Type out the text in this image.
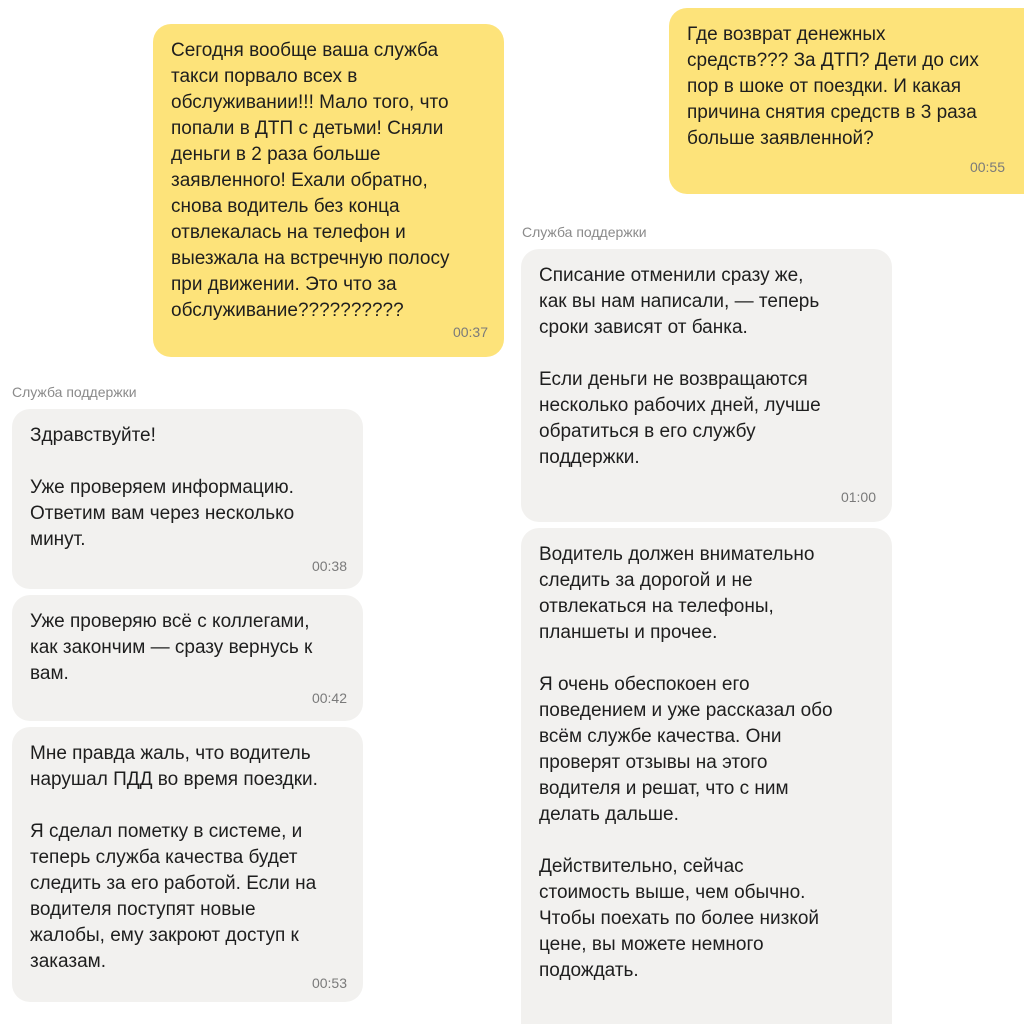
Сегодня вообще ваша служба
такси порвало всех в
обслуживании!!! Мало того, что
попали в ДТП с детьми! Сняли
деньги в 2 раза больше
заявленного! Ехали обратно,
снова водитель без конца
отвлекалась на телефон и
выезжала на встречную полосу
при движении. Это что за
обслуживание??????????
00:37
Служба поддержки
Здравствуйте!

Уже проверяем информацию.
Ответим вам через несколько
минут.
00:38
Уже проверяю всё с коллегами,
как закончим — сразу вернусь к
вам.
00:42
Мне правда жаль, что водитель
нарушал ПДД во время поездки.

Я сделал пометку в системе, и
теперь служба качества будет
следить за его работой. Если на
водителя поступят новые
жалобы, ему закроют доступ к
заказам.
00:53
Где возврат денежных
средств??? За ДТП? Дети до сих
пор в шоке от поездки. И какая
причина снятия средств в 3 раза
больше заявленной?
00:55
Служба поддержки
Списание отменили сразу же,
как вы нам написали, — теперь
сроки зависят от банка.

Если деньги не возвращаются
несколько рабочих дней, лучше
обратиться в его службу
поддержки.
01:00
Водитель должен внимательно
следить за дорогой и не
отвлекаться на телефоны,
планшеты и прочее.

Я очень обеспокоен его
поведением и уже рассказал обо
всём службе качества. Они
проверят отзывы на этого
водителя и решат, что с ним
делать дальше.

Действительно, сейчас
стоимость выше, чем обычно.
Чтобы поехать по более низкой
цене, вы можете немного
подождать.
